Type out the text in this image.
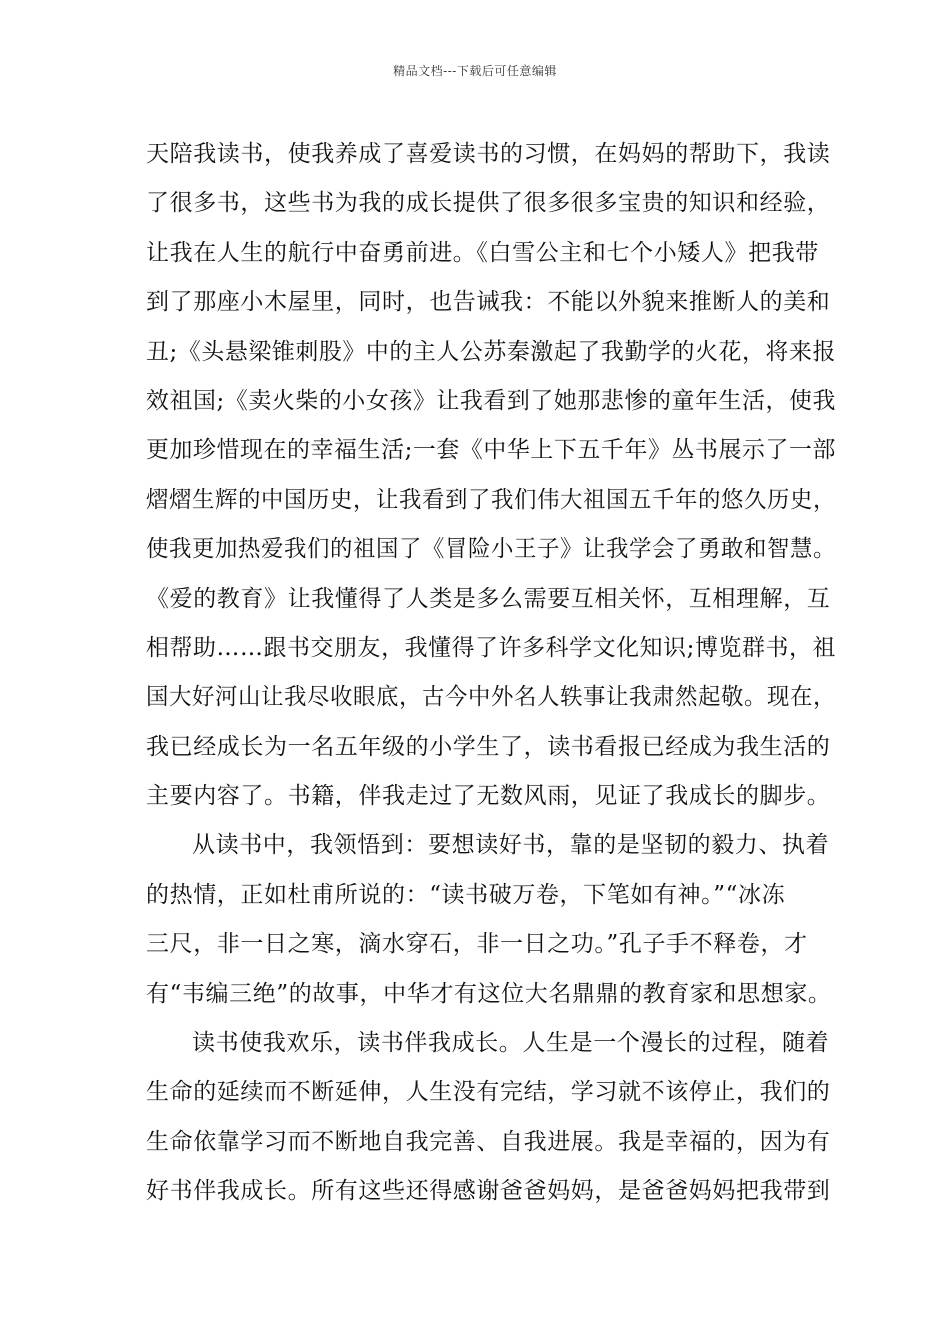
精品文档---下载后可任意编辑
天陪我读书，使我养成了喜爱读书的习惯，在妈妈的帮助下，我读
了很多书，这些书为我的成长提供了很多很多宝贵的知识和经验，
让我在人生的航行中奋勇前进。《白雪公主和七个小矮人》把我带
到了那座小木屋里，同时，也告诫我：不能以外貌来推断人的美和
丑;《头悬梁锥刺股》中的主人公苏秦激起了我勤学的火花，将来报
效祖国;《卖火柴的小女孩》让我看到了她那悲惨的童年生活，使我
更加珍惜现在的幸福生活;一套《中华上下五千年》丛书展示了一部
熠熠生辉的中国历史，让我看到了我们伟大祖国五千年的悠久历史，
使我更加热爱我们的祖国了《冒险小王子》让我学会了勇敢和智慧。
《爱的教育》让我懂得了人类是多么需要互相关怀，互相理解，互
相帮助……跟书交朋友，我懂得了许多科学文化知识;博览群书，祖
国大好河山让我尽收眼底，古今中外名人轶事让我肃然起敬。现在，
我已经成长为一名五年级的小学生了，读书看报已经成为我生活的
主要内容了。书籍，伴我走过了无数风雨，见证了我成长的脚步。
从读书中，我领悟到：要想读好书，靠的是坚韧的毅力、执着
的热情，正如杜甫所说的：“读书破万卷，下笔如有神。”“冰冻
三尺，非一日之寒，滴水穿石，非一日之功。”孔子手不释卷，才
有“韦编三绝”的故事，中华才有这位大名鼎鼎的教育家和思想家。
读书使我欢乐，读书伴我成长。人生是一个漫长的过程，随着
生命的延续而不断延伸，人生没有完结，学习就不该停止，我们的
生命依靠学习而不断地自我完善、自我进展。我是幸福的，因为有
好书伴我成长。所有这些还得感谢爸爸妈妈，是爸爸妈妈把我带到
